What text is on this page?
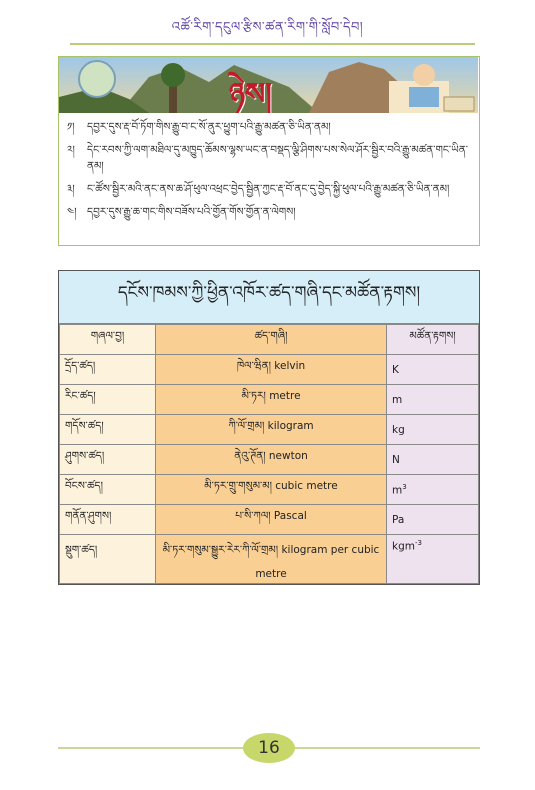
འཚོ་རིག་དངུལ་རྩིས་ཚན་རིག་གི་སློབ་དེབ།
ཉེས།
༡། དབྱར་དུས་རྡ་བོ་ཏོག་གིས་རྒྱུ་བ་ང་སོ་ནུར་ཕྱུག་པའི་རྒྱུ་མཚན་ཅི་ཡིན་ནམ།
༢། དེང་རབས་ཀྱི་ལག་མཐིལ་དུ་མཁྱུད་ཆོམས་ལྷས་ཡང་ན་བསྡད་ལྕི་ཤིགས་པས་སེལ་ཤོར་སྦྱིར་བའི་རྒྱུ་མཚན་གང་ཡིན་ནམ།
༣། ང་ཚོས་སྦྱིར་མའི་ནང་ནས་ཆ་ཤོ་ཕུལ་འཕྲང་བྱེད་སྦྱིན་ཀྱང་རྡ་བོ་ནང་དུ་བྱེད་སྐྱི་ཕུལ་པའི་རྒྱུ་མཚན་ཅི་ཡིན་ནམ།
༤། དབྱར་དུས་རྒྱུ་ཆ་གང་གིས་བཟོས་པའི་གྱོན་གོས་གྱོན་ན་ལེགས།
དངོས་ཁམས་ཀྱི་ཕྱིན་འཁོར་ཚད་གཞི་དང་མཚོན་རྟགས།
གཞལ་བྱ།	ཚད་གཞི།	མཚོན་རྟགས།
དྲོད་ཚད།	ཁེལ་ཝིན། kelvin	K
རིང་ཚད།	མི་ཏར། metre	m
གདོས་ཚད།	ཀི་ལོ་གྲམ། kilogram	kg
ཤུགས་ཚད།	ནེའུ་ཊོན། newton	N
བོངས་ཚད།	མི་ཏར་གྲུ་གསུམ་མ། cubic metre	$m^3$
གནོན་ཤུགས།	པ་སི་ཀལ། Pascal	Pa
སྡུག་ཚད།	མི་ཏར་གསུམ་སྒྱུར་རེར་ཀི་ལོ་གྲམ། kilogram per cubic metre	kgm$^{-3}$
16
